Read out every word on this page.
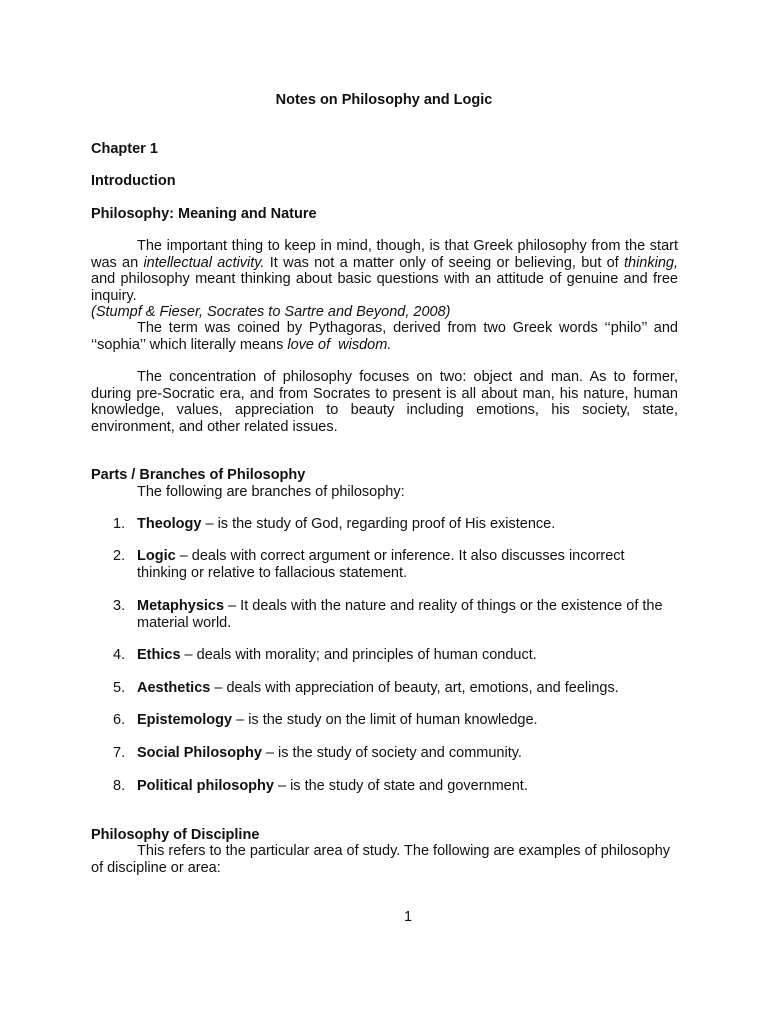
Notes on Philosophy and Logic
Chapter 1
Introduction
Philosophy: Meaning and Nature
The important thing to keep in mind, though, is that Greek philosophy from the start was an intellectual activity. It was not a matter only of seeing or believing, but of thinking, and philosophy meant thinking about basic questions with an attitude of genuine and free inquiry.
(Stumpf & Fieser, Socrates to Sartre and Beyond, 2008)
The term was coined by Pythagoras, derived from two Greek words ‘‘philo’’ and ‘‘sophia’’ which literally means love of  wisdom.
The concentration of philosophy focuses on two: object and man. As to former, during pre-Socratic era, and from Socrates to present is all about man, his nature, human knowledge, values, appreciation to beauty including emotions, his society, state, environment, and other related issues.
Parts / Branches of Philosophy
The following are branches of philosophy:
1. Theology – is the study of God, regarding proof of His existence.
2. Logic – deals with correct argument or inference. It also discusses incorrect thinking or relative to fallacious statement.
3. Metaphysics – It deals with the nature and reality of things or the existence of the material world.
4. Ethics – deals with morality; and principles of human conduct.
5. Aesthetics – deals with appreciation of beauty, art, emotions, and feelings.
6. Epistemology – is the study on the limit of human knowledge.
7. Social Philosophy – is the study of society and community.
8. Political philosophy – is the study of state and government.
Philosophy of Discipline
This refers to the particular area of study. The following are examples of philosophy of discipline or area:
1
